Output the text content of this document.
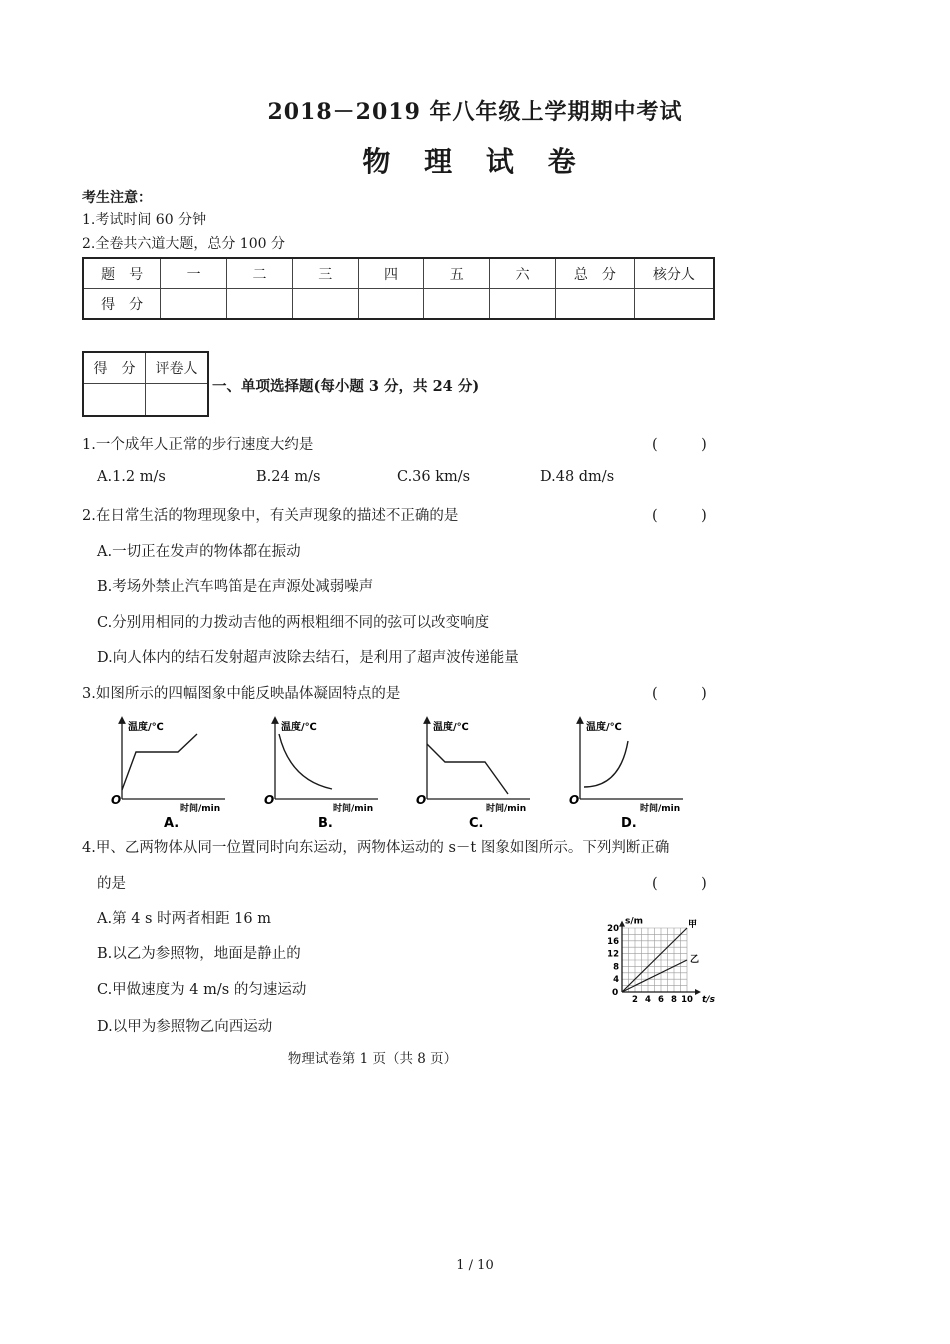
2018－2019 年八年级上学期期中考试
物 理 试 卷
考生注意：
1.考试时间 60 分钟
2.全卷共六道大题，总分 100 分
题　号	一	二	三	四	五	六	总　分	核分人
得　分								
得　分	评卷人

一、单项选择题(每小题 3 分，共 24 分)
1.一个成年人正常的步行速度大约是	(　　　)
A.1.2 m/s	B.24 m/s	C.36 km/s	D.48 dm/s
2.在日常生活的物理现象中，有关声现象的描述不正确的是	(　　　)
A.一切正在发声的物体都在振动
B.考场外禁止汽车鸣笛是在声源处减弱噪声
C.分别用相同的力拨动吉他的两根粗细不同的弦可以改变响度
D.向人体内的结石发射超声波除去结石，是利用了超声波传递能量
3.如图所示的四幅图象中能反映晶体凝固特点的是	(　　　)
温度/℃
时间/min
O
A.
温度/℃
时间/min
O
B.
温度/℃
时间/min
O
C.
温度/℃
时间/min
O
D.
4.甲、乙两物体从同一位置同时向东运动，两物体运动的 s－t 图象如图所示。下列判断正确
的是	(　　　)
A.第 4 s 时两者相距 16 m
B.以乙为参照物，地面是静止的
C.甲做速度为 4 m/s 的匀速运动
D.以甲为参照物乙向西运动
4
8
12
16
20
2 4 6 8 10
甲
乙
s/m
t/s
0
物理试卷第 1 页（共 8 页）
1 / 10
